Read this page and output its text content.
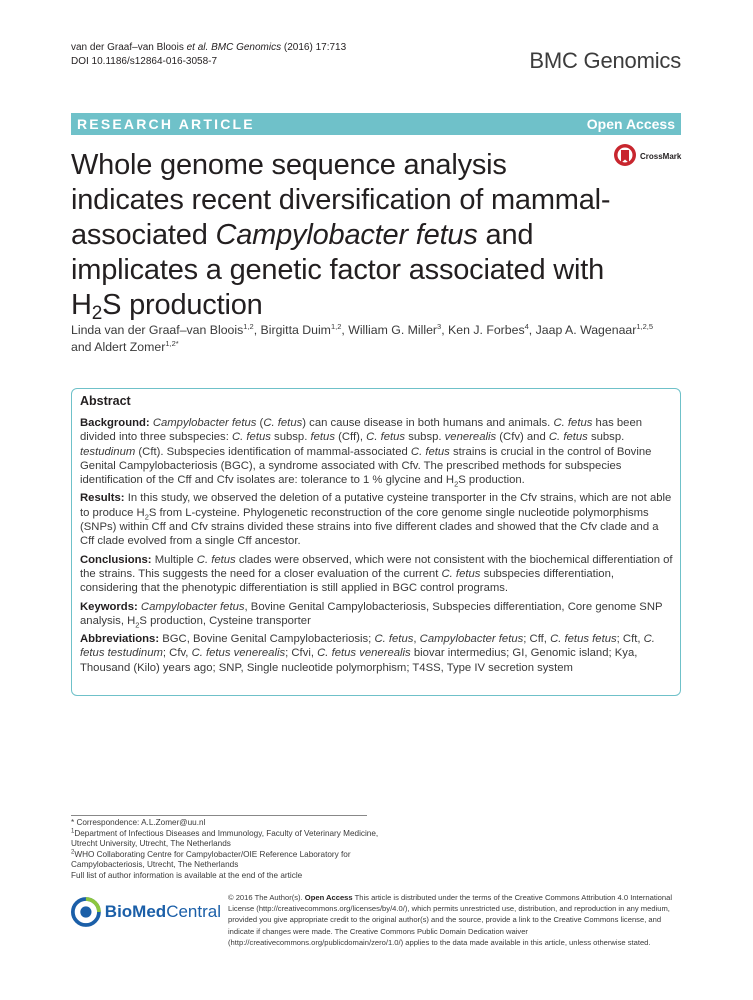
van der Graaf–van Bloois et al. BMC Genomics (2016) 17:713
DOI 10.1186/s12864-016-3058-7	BMC Genomics
RESEARCH ARTICLE	Open Access
Whole genome sequence analysis indicates recent diversification of mammal-associated Campylobacter fetus and implicates a genetic factor associated with $H_2S$ production
CrossMark
Linda van der Graaf–van Bloois$^{1,2}$, Birgitta Duim$^{1,2}$, William G. Miller$^3$, Ken J. Forbes$^4$, Jaap A. Wagenaar$^{1,2,5}$
and Aldert Zomer$^{1,2*}$
Abstract

Background: Campylobacter fetus (C. fetus) can cause disease in both humans and animals. C. fetus has been divided into three subspecies: C. fetus subsp. fetus (Cff), C. fetus subsp. venerealis (Cfv) and C. fetus subsp. testudinum (Cft). Subspecies identification of mammal-associated C. fetus strains is crucial in the control of Bovine Genital Campylobacteriosis (BGC), a syndrome associated with Cfv. The prescribed methods for subspecies identification of the Cff and Cfv isolates are: tolerance to 1 % glycine and $H_2S$ production.

Results: In this study, we observed the deletion of a putative cysteine transporter in the Cfv strains, which are not able to produce $H_2S$ from L-cysteine. Phylogenetic reconstruction of the core genome single nucleotide polymorphisms (SNPs) within Cff and Cfv strains divided these strains into five different clades and showed that the Cfv clade and a Cff clade evolved from a single Cff ancestor.

Conclusions: Multiple C. fetus clades were observed, which were not consistent with the biochemical differentiation of the strains. This suggests the need for a closer evaluation of the current C. fetus subspecies differentiation, considering that the phenotypic differentiation is still applied in BGC control programs.

Keywords: Campylobacter fetus, Bovine Genital Campylobacteriosis, Subspecies differentiation, Core genome SNP analysis, $H_2S$ production, Cysteine transporter

Abbreviations: BGC, Bovine Genital Campylobacteriosis; C. fetus, Campylobacter fetus; Cff, C. fetus fetus; Cft, C. fetus testudinum; Cfv, C. fetus venerealis; Cfvi, C. fetus venerealis biovar intermedius; GI, Genomic island; Kya, Thousand (Kilo) years ago; SNP, Single nucleotide polymorphism; T4SS, Type IV secretion system

* Correspondence: A.L.Zomer@uu.nl
$^1$Department of Infectious Diseases and Immunology, Faculty of Veterinary Medicine, Utrecht University, Utrecht, The Netherlands
$^2$WHO Collaborating Centre for Campylobacter/OIE Reference Laboratory for Campylobacteriosis, Utrecht, The Netherlands
Full list of author information is available at the end of the article
BioMed Central
© 2016 The Author(s). Open Access This article is distributed under the terms of the Creative Commons Attribution 4.0 International License (http://creativecommons.org/licenses/by/4.0/), which permits unrestricted use, distribution, and reproduction in any medium, provided you give appropriate credit to the original author(s) and the source, provide a link to the Creative Commons license, and indicate if changes were made. The Creative Commons Public Domain Dedication waiver (http://creativecommons.org/publicdomain/zero/1.0/) applies to the data made available in this article, unless otherwise stated.
